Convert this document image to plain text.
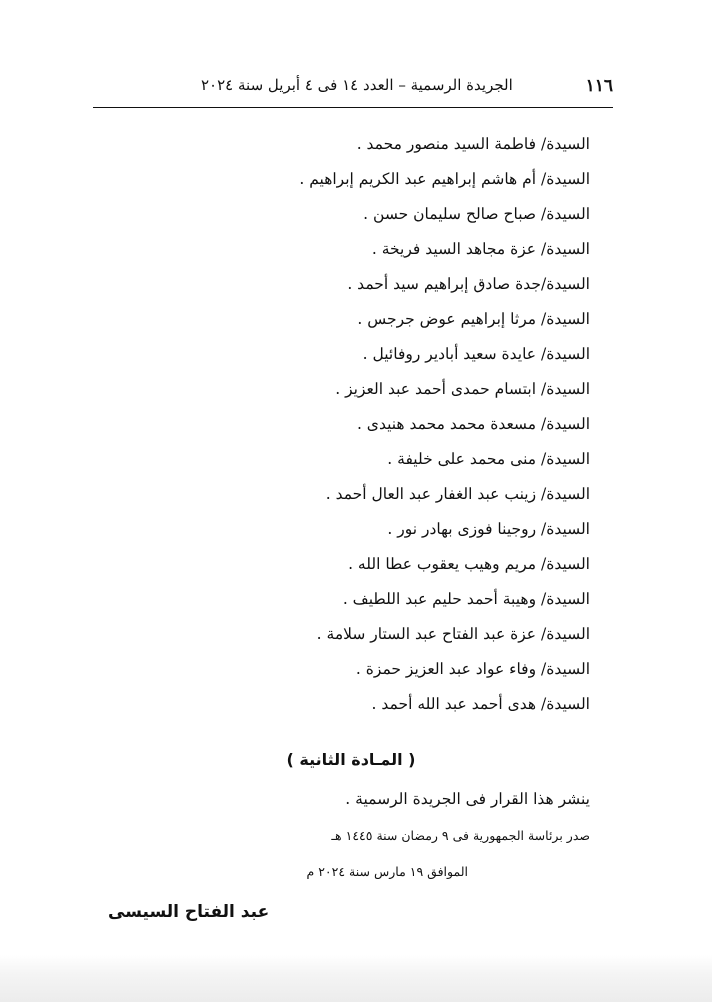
١١٦
الجريدة الرسمية – العدد ١٤ فى ٤ أبريل سنة ٢٠٢٤
السيدة/ فاطمة السيد منصور محمد .
السيدة/ أم هاشم إبراهيم عبد الكريم إبراهيم .
السيدة/ صباح صالح سليمان حسن .
السيدة/ عزة مجاهد السيد فريخة .
السيدة/جدة صادق إبراهيم سيد أحمد .
السيدة/ مرثا إبراهيم عوض جرجس .
السيدة/ عايدة سعيد أبادير روفائيل .
السيدة/ ابتسام حمدى أحمد عبد العزيز .
السيدة/ مسعدة محمد محمد هنيدى .
السيدة/ منى محمد على خليفة .
السيدة/ زينب عبد الغفار عبد العال أحمد .
السيدة/ روجينا فوزى بهادر نور .
السيدة/ مريم وهيب يعقوب عطا الله .
السيدة/ وهيبة أحمد حليم عبد اللطيف .
السيدة/ عزة عبد الفتاح عبد الستار سلامة .
السيدة/ وفاء عواد عبد العزيز حمزة .
السيدة/ هدى أحمد عبد الله أحمد .
( المـادة الثانية )
ينشر هذا القرار فى الجريدة الرسمية .
صدر برئاسة الجمهورية فى ٩ رمضان سنة ١٤٤٥ هـ
الموافق ١٩ مارس سنة ٢٠٢٤ م
عبد الفتاح السيسى
